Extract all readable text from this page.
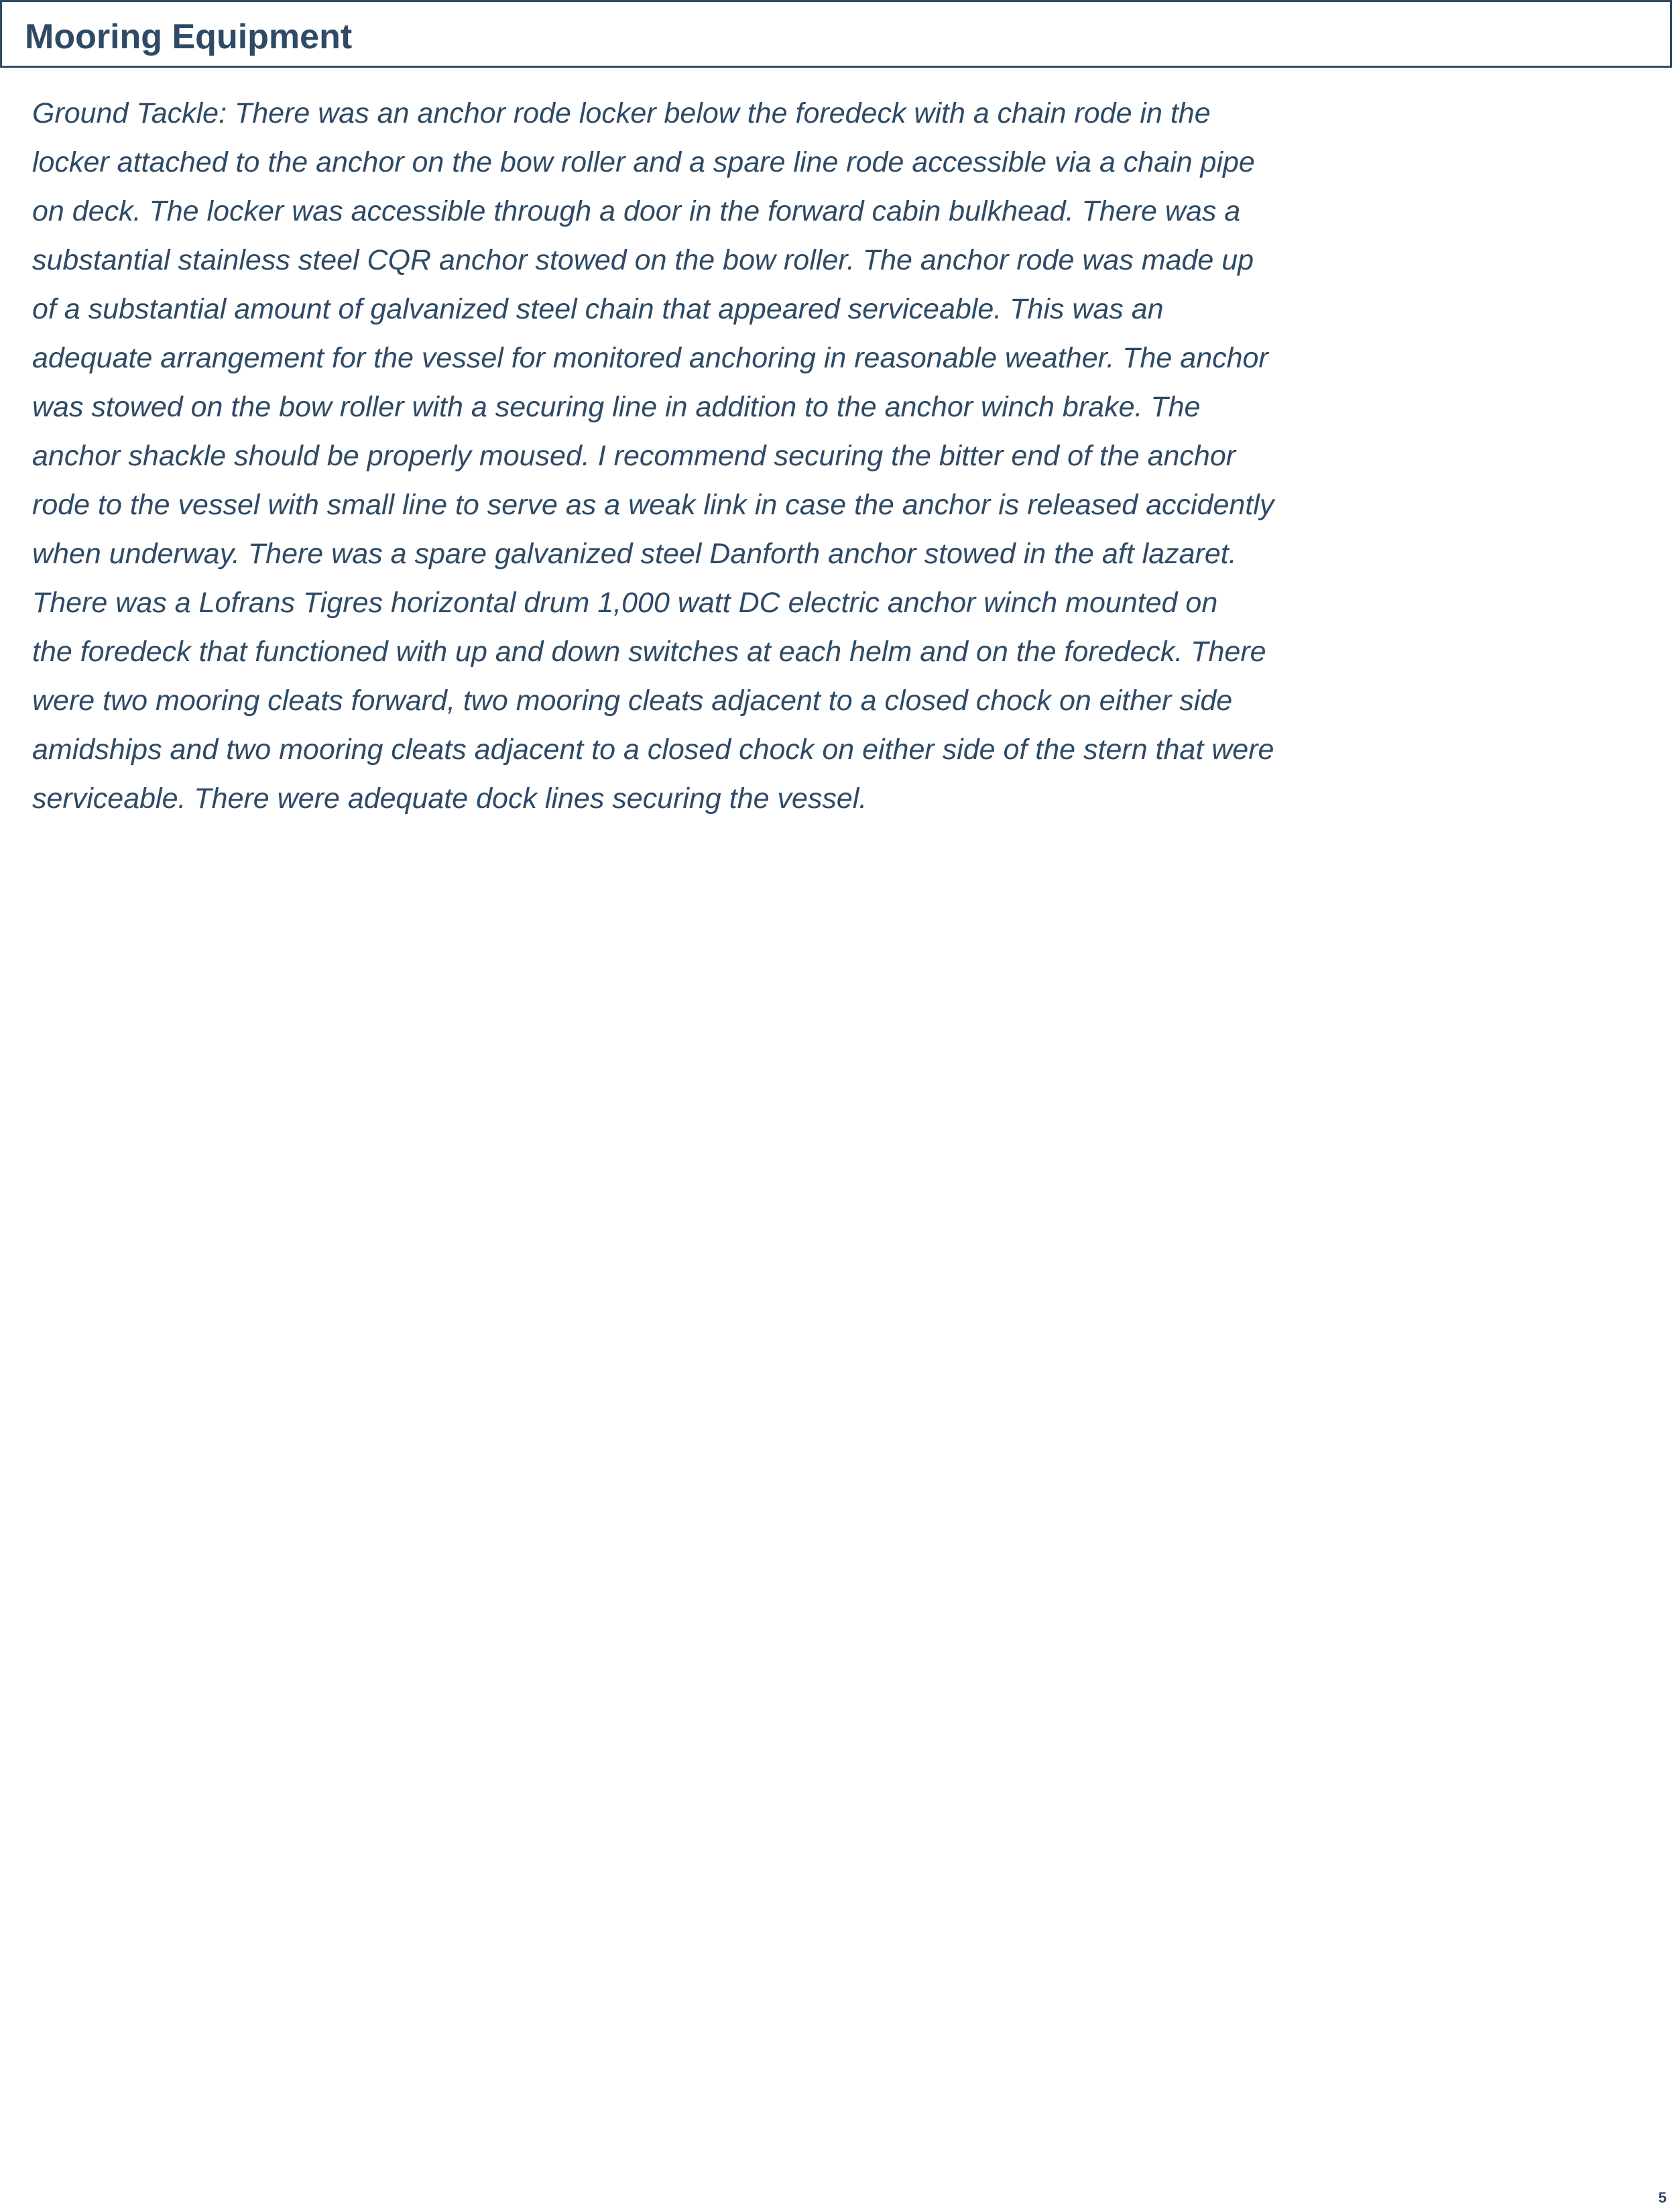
Mooring Equipment
Ground Tackle: There was an anchor rode locker below the foredeck with a chain rode in the
locker attached to the anchor on the bow roller and a spare line rode accessible via a chain pipe
on deck. The locker was accessible through a door in the forward cabin bulkhead. There was a
substantial stainless steel CQR anchor stowed on the bow roller. The anchor rode was made up
of a substantial amount of galvanized steel chain that appeared serviceable. This was an
adequate arrangement for the vessel for monitored anchoring in reasonable weather. The anchor
was stowed on the bow roller with a securing line in addition to the anchor winch brake. The
anchor shackle should be properly moused. I recommend securing the bitter end of the anchor
rode to the vessel with small line to serve as a weak link in case the anchor is released accidently
when underway. There was a spare galvanized steel Danforth anchor stowed in the aft lazaret.
There was a Lofrans Tigres horizontal drum 1,000 watt DC electric anchor winch mounted on
the foredeck that functioned with up and down switches at each helm and on the foredeck. There
were two mooring cleats forward, two mooring cleats adjacent to a closed chock on either side
amidships and two mooring cleats adjacent to a closed chock on either side of the stern that were
serviceable. There were adequate dock lines securing the vessel.
5
